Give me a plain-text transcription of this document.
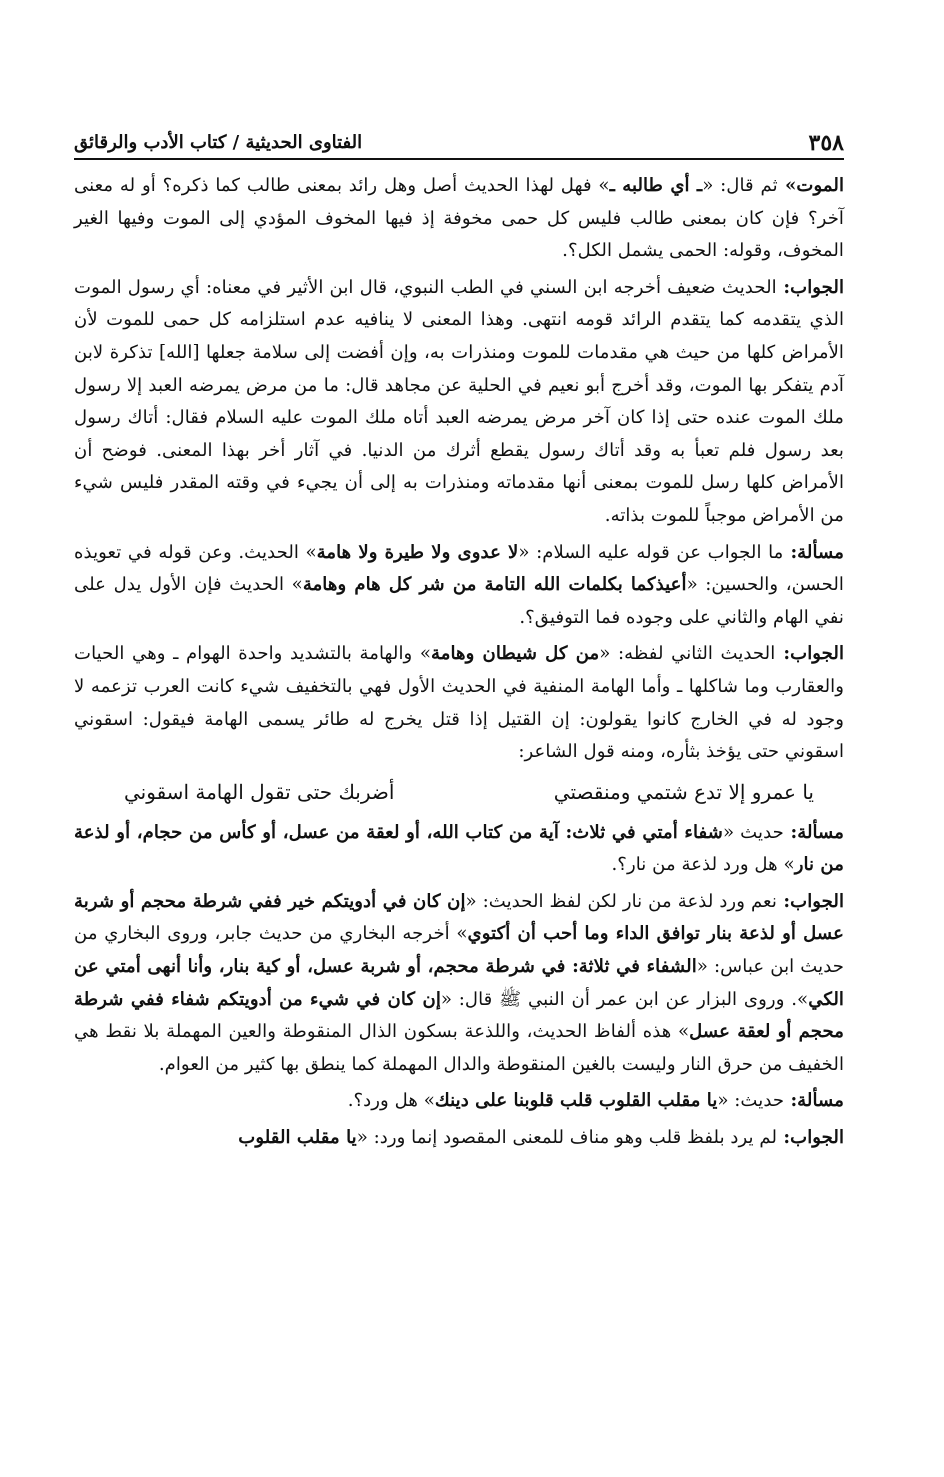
٣٥٨
الفتاوى الحديثية / كتاب الأدب والرقائق

الموت» ثم قال: «ـ أي طالبه ـ» فهل لهذا الحديث أصل وهل رائد بمعنى طالب كما ذكره؟ أو له معنى آخر؟ فإن كان بمعنى طالب فليس كل حمى مخوفة إذ فيها المخوف المؤدي إلى الموت وفيها الغير المخوف، وقوله: الحمى يشمل الكل؟.

الجواب: الحديث ضعيف أخرجه ابن السني في الطب النبوي، قال ابن الأثير في معناه: أي رسول الموت الذي يتقدمه كما يتقدم الرائد قومه انتهى. وهذا المعنى لا ينافيه عدم استلزامه كل حمى للموت لأن الأمراض كلها من حيث هي مقدمات للموت ومنذرات به، وإن أفضت إلى سلامة جعلها [الله] تذكرة لابن آدم يتفكر بها الموت، وقد أخرج أبو نعيم في الحلية عن مجاهد قال: ما من مرض يمرضه العبد إلا رسول ملك الموت عنده حتى إذا كان آخر مرض يمرضه العبد أتاه ملك الموت عليه السلام فقال: أتاك رسول بعد رسول فلم تعبأ به وقد أتاك رسول يقطع أثرك من الدنيا. في آثار أخر بهذا المعنى. فوضح أن الأمراض كلها رسل للموت بمعنى أنها مقدماته ومنذرات به إلى أن يجيء في وقته المقدر فليس شيء من الأمراض موجباً للموت بذاته.

مسألة: ما الجواب عن قوله عليه السلام: «لا عدوى ولا طيرة ولا هامة» الحديث. وعن قوله في تعويذه الحسن، والحسين: «أعيذكما بكلمات الله التامة من شر كل هام وهامة» الحديث فإن الأول يدل على نفي الهام والثاني على وجوده فما التوفيق؟.

الجواب: الحديث الثاني لفظه: «من كل شيطان وهامة» والهامة بالتشديد واحدة الهوام ـ وهي الحيات والعقارب وما شاكلها ـ وأما الهامة المنفية في الحديث الأول فهي بالتخفيف شيء كانت العرب تزعمه لا وجود له في الخارج كانوا يقولون: إن القتيل إذا قتل يخرج له طائر يسمى الهامة فيقول: اسقوني اسقوني حتى يؤخذ بثأره، ومنه قول الشاعر:

يا عمرو إلا تدع شتمي ومنقصتي
أضربك حتى تقول الهامة اسقوني

مسألة: حديث «شفاء أمتي في ثلاث: آية من كتاب الله، أو لعقة من عسل، أو كأس من حجام، أو لذعة من نار» هل ورد لذعة من نار؟.

الجواب: نعم ورد لذعة من نار لكن لفظ الحديث: «إن كان في أدويتكم خير ففي شرطة محجم أو شربة عسل أو لذعة بنار توافق الداء وما أحب أن أكتوي» أخرجه البخاري من حديث جابر، وروى البخاري من حديث ابن عباس: «الشفاء في ثلاثة: في شرطة محجم، أو شربة عسل، أو كية بنار، وأنا أنهى أمتي عن الكي». وروى البزار عن ابن عمر أن النبي ﷺ قال: «إن كان في شيء من أدويتكم شفاء ففي شرطة محجم أو لعقة عسل» هذه ألفاظ الحديث، واللذعة بسكون الذال المنقوطة والعين المهملة بلا نقط هي الخفيف من حرق النار وليست بالغين المنقوطة والدال المهملة كما ينطق بها كثير من العوام.

مسألة: حديث: «يا مقلب القلوب قلب قلوبنا على دينك» هل ورد؟.

الجواب: لم يرد بلفظ قلب وهو مناف للمعنى المقصود إنما ورد: «يا مقلب القلوب
